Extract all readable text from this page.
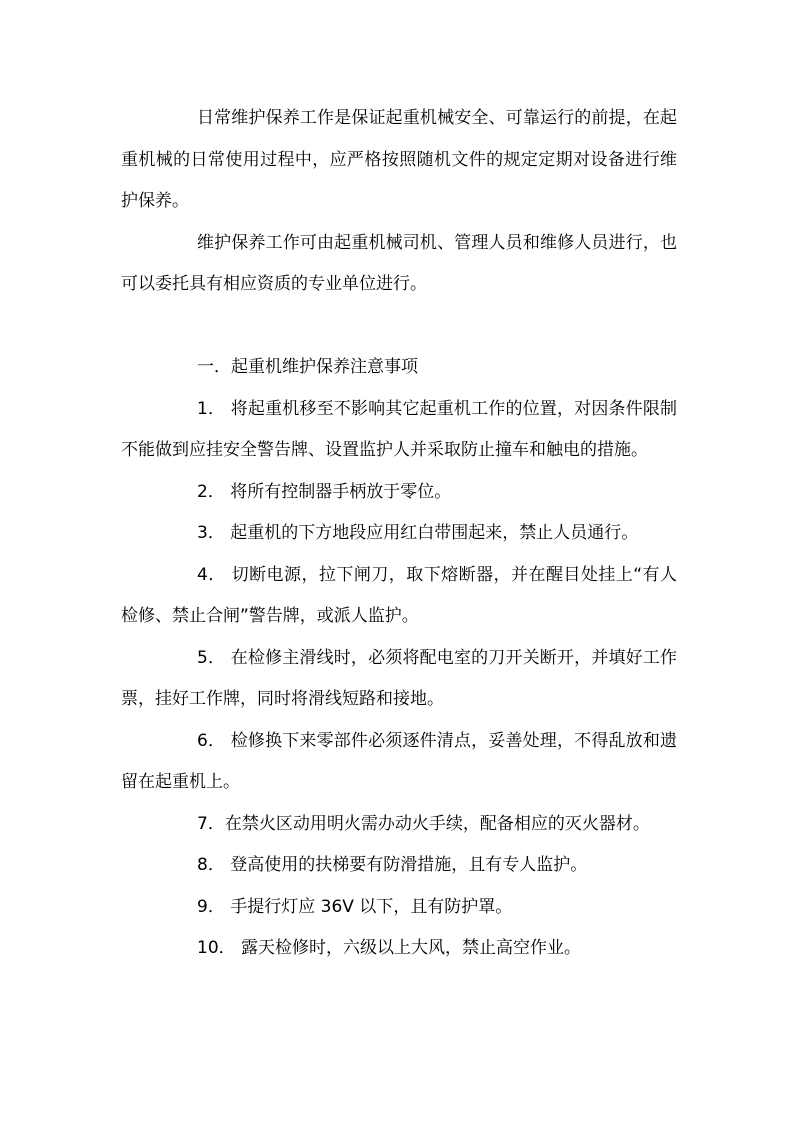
日常维护保养工作是保证起重机械安全、可靠运行的前提，在起重机械的日常使用过程中，应严格按照随机文件的规定定期对设备进行维护保养。

维护保养工作可由起重机械司机、管理人员和维修人员进行，也可以委托具有相应资质的专业单位进行。

一．起重机维护保养注意事项

1． 将起重机移至不影响其它起重机工作的位置，对因条件限制不能做到应挂安全警告牌、设置监护人并采取防止撞车和触电的措施。

2． 将所有控制器手柄放于零位。

3． 起重机的下方地段应用红白带围起来，禁止人员通行。

4． 切断电源，拉下闸刀，取下熔断器，并在醒目处挂上“有人检修、禁止合闸”警告牌，或派人监护。

5． 在检修主滑线时，必须将配电室的刀开关断开，并填好工作票，挂好工作牌，同时将滑线短路和接地。

6． 检修换下来零部件必须逐件清点，妥善处理，不得乱放和遗留在起重机上。

7．在禁火区动用明火需办动火手续，配备相应的灭火器材。

8． 登高使用的扶梯要有防滑措施，且有专人监护。

9． 手提行灯应 36V 以下，且有防护罩。

10． 露天检修时，六级以上大风，禁止高空作业。
